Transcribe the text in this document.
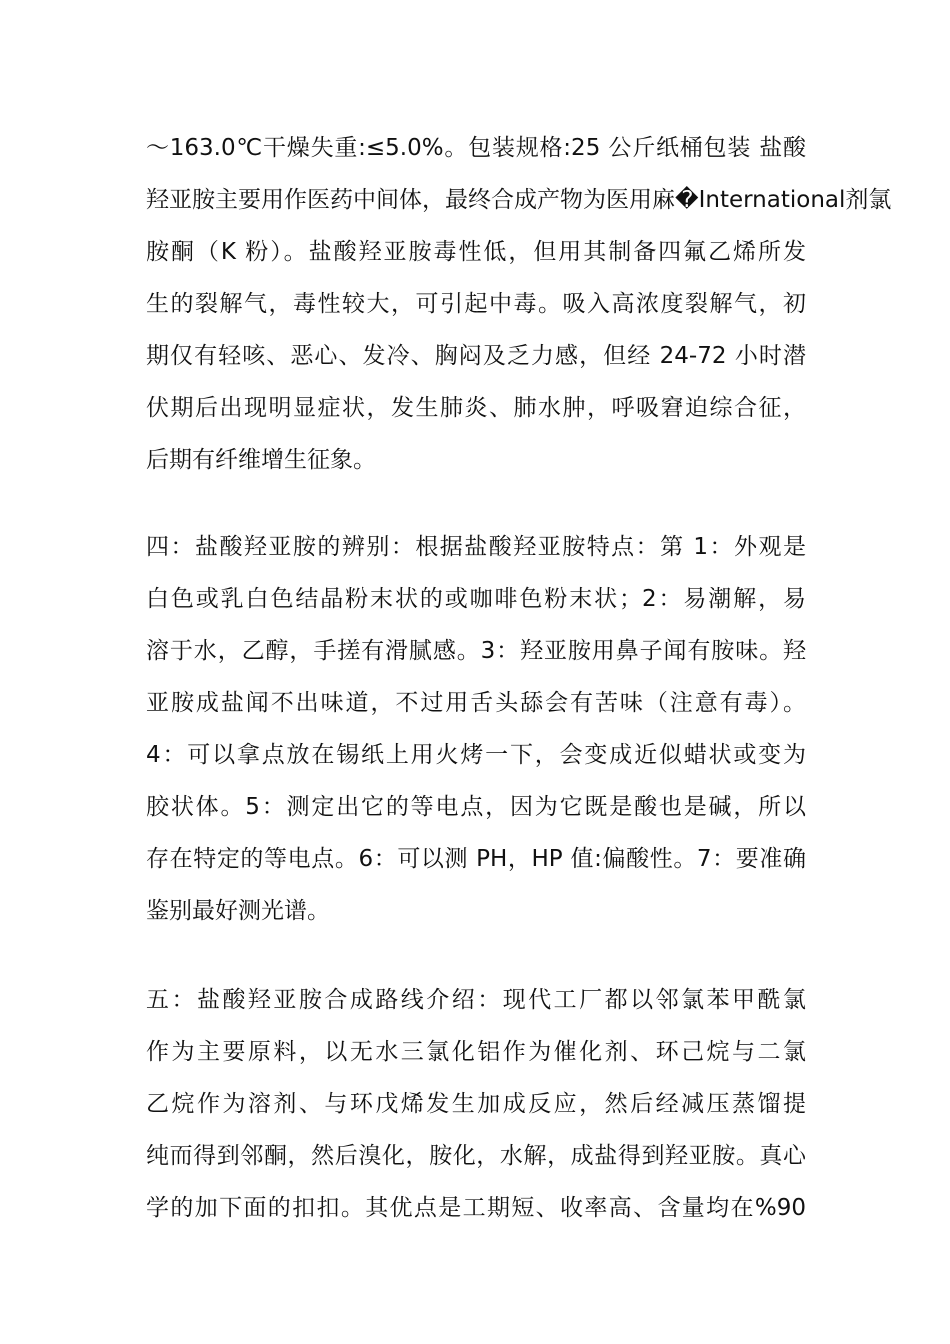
～163.0℃干燥失重:≤5.0%。包装规格:25 公斤纸桶包装 盐酸
羟亚胺主要用作医药中间体，最终合成产物为医用麻�International剂氯
胺酮（K 粉）。盐酸羟亚胺毒性低，但用其制备四氟乙烯所发
生的裂解气，毒性较大，可引起中毒。吸入高浓度裂解气，初
期仅有轻咳、恶心、发冷、胸闷及乏力感，但经 24-72 小时潜
伏期后出现明显症状，发生肺炎、肺水肿，呼吸窘迫综合征，
后期有纤维增生征象。
四：盐酸羟亚胺的辨别：根据盐酸羟亚胺特点：第 1：外观是
白色或乳白色结晶粉末状的或咖啡色粉末状；2：易潮解，易
溶于水，乙醇，手搓有滑腻感。3：羟亚胺用鼻子闻有胺味。羟
亚胺成盐闻不出味道，不过用舌头舔会有苦味（注意有毒）。
4：可以拿点放在锡纸上用火烤一下，会变成近似蜡状或变为
胶状体。5：测定出它的等电点，因为它既是酸也是碱，所以
存在特定的等电点。6：可以测 PH，HP 值:偏酸性。7：要准确
鉴别最好测光谱。
五：盐酸羟亚胺合成路线介绍：现代工厂都以邻氯苯甲酰氯
作为主要原料，以无水三氯化铝作为催化剂、环己烷与二氯
乙烷作为溶剂、与环戊烯发生加成反应，然后经减压蒸馏提
纯而得到邻酮，然后溴化，胺化，水解，成盐得到羟亚胺。真心
学的加下面的扣扣。其优点是工期短、收率高、含量均在%90
